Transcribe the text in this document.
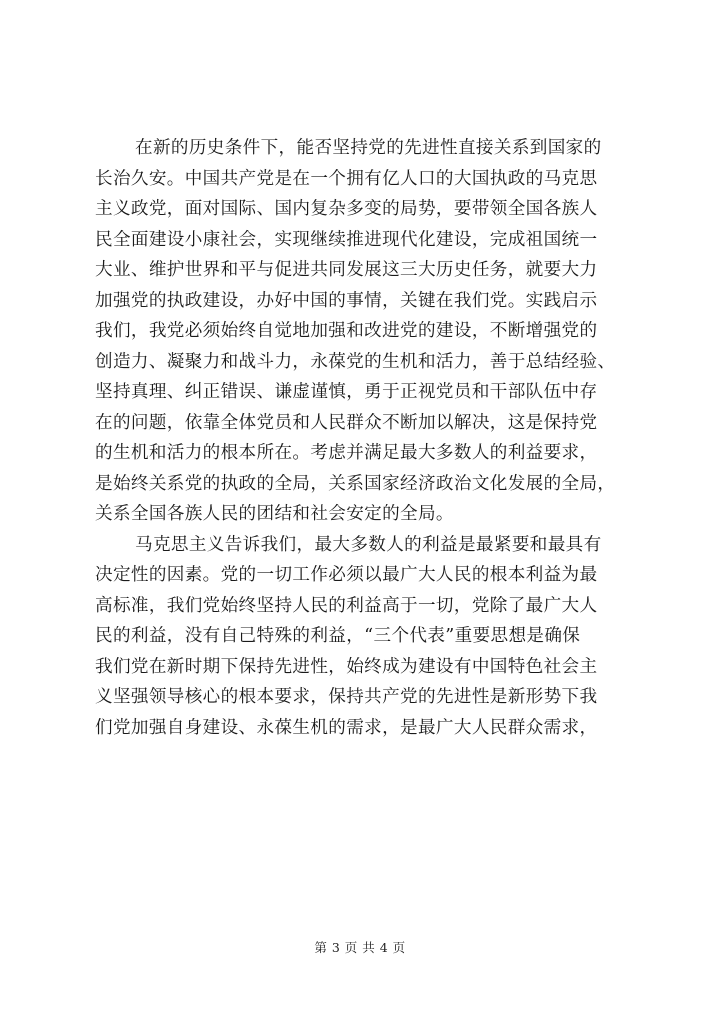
在新的历史条件下，能否坚持党的先进性直接关系到国家的
长治久安。中国共产党是在一个拥有亿人口的大国执政的马克思
主义政党，面对国际、国内复杂多变的局势，要带领全国各族人
民全面建设小康社会，实现继续推进现代化建设，完成祖国统一
大业、维护世界和平与促进共同发展这三大历史任务，就要大力
加强党的执政建设，办好中国的事情，关键在我们党。实践启示
我们，我党必须始终自觉地加强和改进党的建设，不断增强党的
创造力、凝聚力和战斗力，永葆党的生机和活力，善于总结经验、
坚持真理、纠正错误、谦虚谨慎，勇于正视党员和干部队伍中存
在的问题，依靠全体党员和人民群众不断加以解决，这是保持党
的生机和活力的根本所在。考虑并满足最大多数人的利益要求，
是始终关系党的执政的全局，关系国家经济政治文化发展的全局，
关系全国各族人民的团结和社会安定的全局。
马克思主义告诉我们，最大多数人的利益是最紧要和最具有
决定性的因素。党的一切工作必须以最广大人民的根本利益为最
高标准，我们党始终坚持人民的利益高于一切，党除了最广大人
民的利益，没有自己特殊的利益，“三个代表”重要思想是确保
我们党在新时期下保持先进性，始终成为建设有中国特色社会主
义坚强领导核心的根本要求，保持共产党的先进性是新形势下我
们党加强自身建设、永葆生机的需求，是最广大人民群众需求，
第 3 页 共 4 页
